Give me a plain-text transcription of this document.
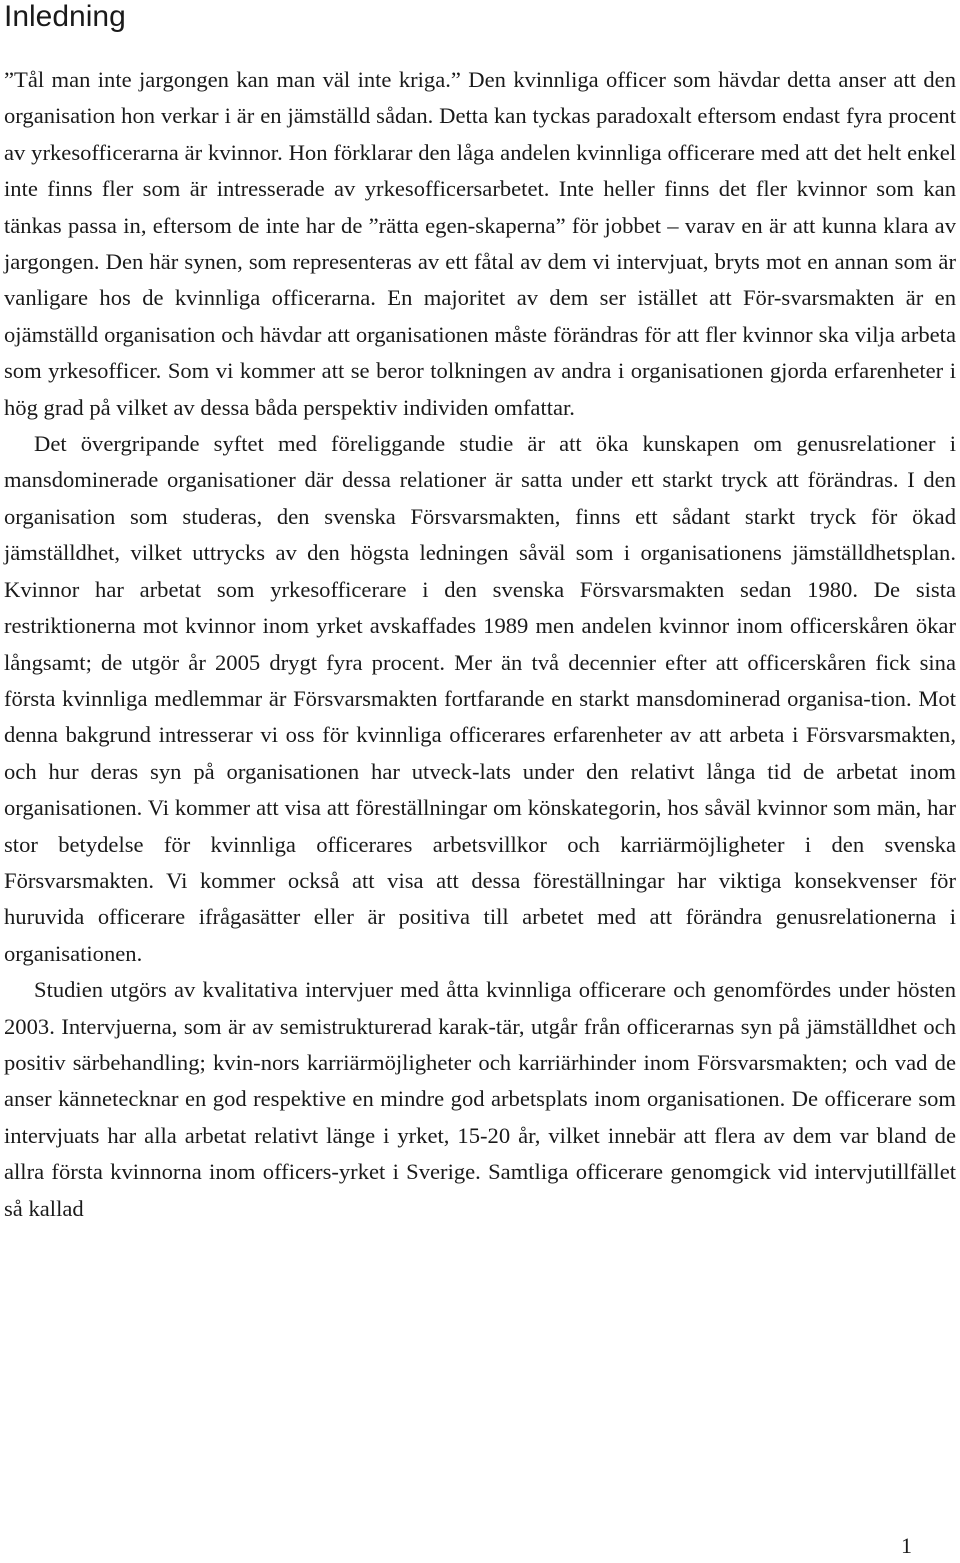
Inledning

”Tål man inte jargongen kan man väl inte kriga.” Den kvinnliga officer som hävdar detta anser att den organisation hon verkar i är en jämställd sådan. Detta kan tyckas paradoxalt eftersom endast fyra procent av yrkesofficerarna är kvinnor. Hon förklarar den låga andelen kvinnliga officerare med att det helt enkel inte finns fler som är intresserade av yrkesofficersarbetet. Inte heller finns det fler kvinnor som kan tänkas passa in, eftersom de inte har de ”rätta egen-skaperna” för jobbet – varav en är att kunna klara av jargongen. Den här synen, som representeras av ett fåtal av dem vi intervjuat, bryts mot en annan som är vanligare hos de kvinnliga officerarna. En majoritet av dem ser istället att För-svarsmakten är en ojämställd organisation och hävdar att organisationen måste förändras för att fler kvinnor ska vilja arbeta som yrkesofficer. Som vi kommer att se beror tolkningen av andra i organisationen gjorda erfarenheter i hög grad på vilket av dessa båda perspektiv individen omfattar.

Det övergripande syftet med föreliggande studie är att öka kunskapen om genusrelationer i mansdominerade organisationer där dessa relationer är satta under ett starkt tryck att förändras. I den organisation som studeras, den svenska Försvarsmakten, finns ett sådant starkt tryck för ökad jämställdhet, vilket uttrycks av den högsta ledningen såväl som i organisationens jämställdhetsplan. Kvinnor har arbetat som yrkesofficerare i den svenska Försvarsmakten sedan 1980. De sista restriktionerna mot kvinnor inom yrket avskaffades 1989 men andelen kvinnor inom officerskåren ökar långsamt; de utgör år 2005 drygt fyra procent. Mer än två decennier efter att officerskåren fick sina första kvinnliga medlemmar är Försvarsmakten fortfarande en starkt mansdominerad organisa-tion. Mot denna bakgrund intresserar vi oss för kvinnliga officerares erfarenheter av att arbeta i Försvarsmakten, och hur deras syn på organisationen har utveck-lats under den relativt långa tid de arbetat inom organisationen. Vi kommer att visa att föreställningar om könskategorin, hos såväl kvinnor som män, har stor betydelse för kvinnliga officerares arbetsvillkor och karriärmöjligheter i den svenska Försvarsmakten. Vi kommer också att visa att dessa föreställningar har viktiga konsekvenser för huruvida officerare ifrågasätter eller är positiva till arbetet med att förändra genusrelationerna i organisationen.

Studien utgörs av kvalitativa intervjuer med åtta kvinnliga officerare och genomfördes under hösten 2003. Intervjuerna, som är av semistrukturerad karak-tär, utgår från officerarnas syn på jämställdhet och positiv särbehandling; kvin-nors karriärmöjligheter och karriärhinder inom Försvarsmakten; och vad de anser kännetecknar en god respektive en mindre god arbetsplats inom organisationen. De officerare som intervjuats har alla arbetat relativt länge i yrket, 15-20 år, vilket innebär att flera av dem var bland de allra första kvinnorna inom officers-yrket i Sverige. Samtliga officerare genomgick vid intervjutillfället så kallad

1
